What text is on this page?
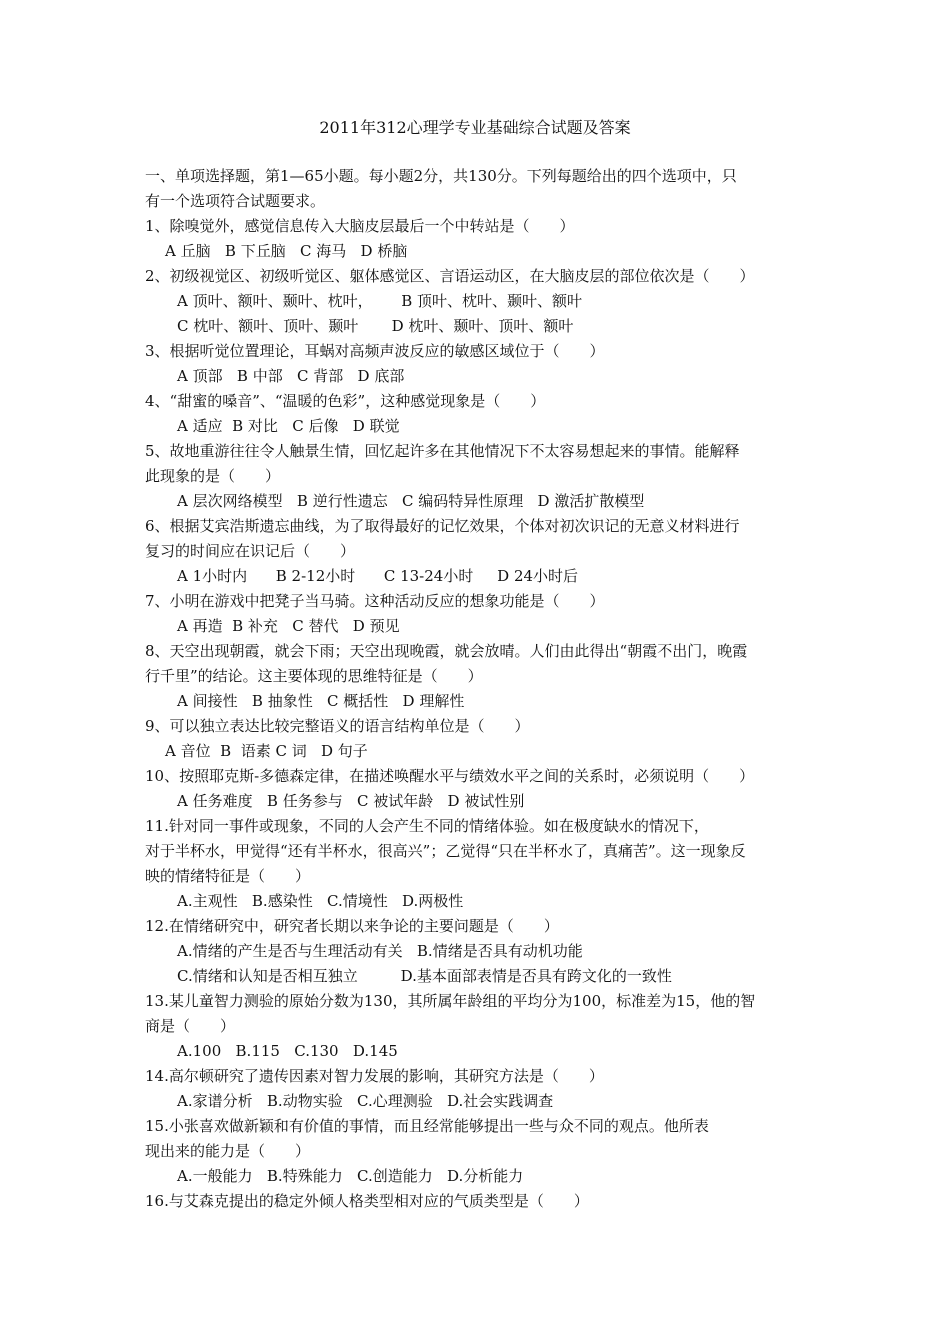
2011年312心理学专业基础综合试题及答案
一、单项选择题，第1—65小题。每小题2分，共130分。下列每题给出的四个选项中，只
有一个选项符合试题要求。
1、除嗅觉外，感觉信息传入大脑皮层最后一个中转站是（　　）
A 丘脑   B 下丘脑   C 海马   D 桥脑
2、初级视觉区、初级听觉区、躯体感觉区、言语运动区，在大脑皮层的部位依次是（　　）
A 顶叶、额叶、颞叶、枕叶，      B 顶叶、枕叶、颞叶、额叶
C 枕叶、额叶、顶叶、颞叶       D 枕叶、颞叶、顶叶、额叶
3、根据听觉位置理论，耳蜗对高频声波反应的敏感区域位于（　　）
A 顶部   B 中部   C 背部   D 底部
4、“甜蜜的嗓音”、“温暖的色彩”，这种感觉现象是（　　）
A 适应  B 对比   C 后像   D 联觉
5、故地重游往往令人触景生情，回忆起许多在其他情况下不太容易想起来的事情。能解释
此现象的是（　　）
A 层次网络模型   B 逆行性遗忘   C 编码特异性原理   D 激活扩散模型
6、根据艾宾浩斯遗忘曲线，为了取得最好的记忆效果，个体对初次识记的无意义材料进行
复习的时间应在识记后（　　）
A 1小时内      B 2-12小时      C 13-24小时     D 24小时后
7、小明在游戏中把凳子当马骑。这种活动反应的想象功能是（　　）
A 再造  B 补充   C 替代   D 预见
8、天空出现朝霞，就会下雨；天空出现晚霞，就会放晴。人们由此得出“朝霞不出门，晚霞
行千里”的结论。这主要体现的思维特征是（　　）
A 间接性   B 抽象性   C 概括性   D 理解性
9、可以独立表达比较完整语义的语言结构单位是（　　）
A 音位  B  语素 C 词   D 句子
10、按照耶克斯-多德森定律，在描述唤醒水平与绩效水平之间的关系时，必须说明（　　）
A 任务难度   B 任务参与   C 被试年龄   D 被试性别
11.针对同一事件或现象，不同的人会产生不同的情绪体验。如在极度缺水的情况下，
对于半杯水，甲觉得“还有半杯水，很高兴”；乙觉得“只在半杯水了，真痛苦”。这一现象反
映的情绪特征是（　　）
A.主观性   B.感染性   C.情境性   D.两极性
12.在情绪研究中，研究者长期以来争论的主要问题是（　　）
A.情绪的产生是否与生理活动有关   B.情绪是否具有动机功能
C.情绪和认知是否相互独立         D.基本面部表情是否具有跨文化的一致性
13.某儿童智力测验的原始分数为130，其所属年龄组的平均分为100，标准差为15，他的智
商是（　　）
A.100   B.115   C.130   D.145
14.高尔顿研究了遗传因素对智力发展的影响，其研究方法是（　　）
A.家谱分析   B.动物实验   C.心理测验   D.社会实践调查
15.小张喜欢做新颖和有价值的事情，而且经常能够提出一些与众不同的观点。他所表
现出来的能力是（　　）
A.一般能力   B.特殊能力   C.创造能力   D.分析能力
16.与艾森克提出的稳定外倾人格类型相对应的气质类型是（　　）
